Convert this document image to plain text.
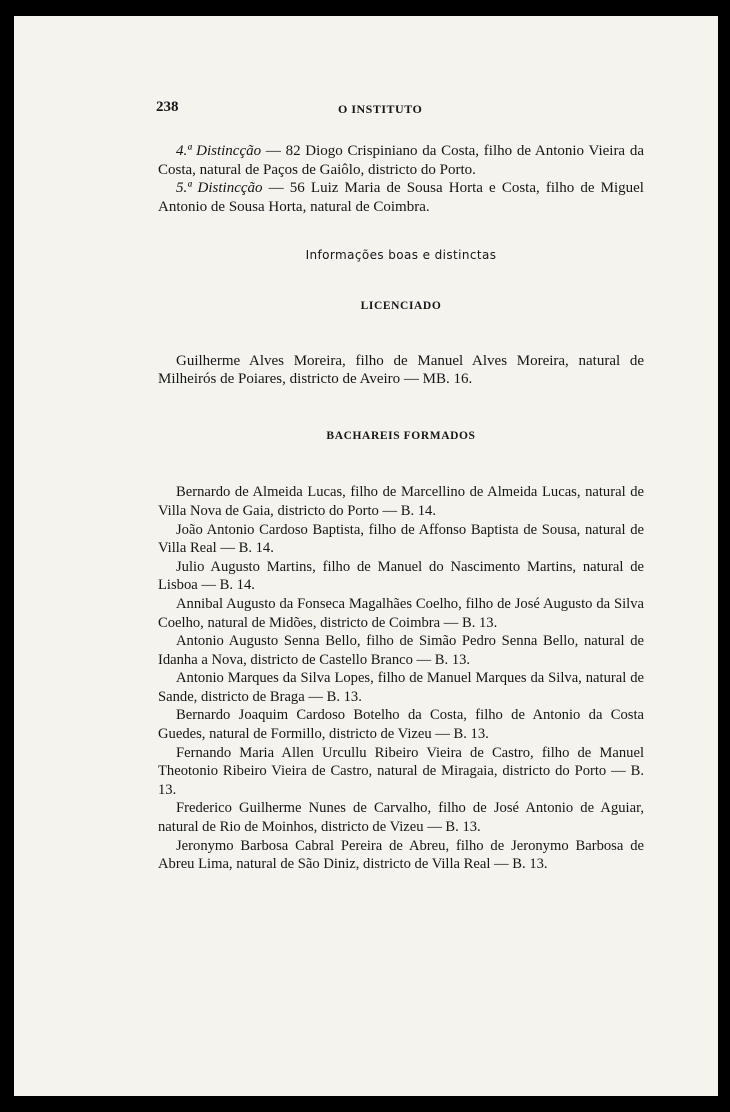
238	O INSTITUTO

4.ª Distincção — 82 Diogo Crispiniano da Costa, filho de Antonio Vieira da Costa, natural de Paços de Gaiôlo, districto do Porto.

5.ª Distincção — 56 Luiz Maria de Sousa Horta e Costa, filho de Miguel Antonio de Sousa Horta, natural de Coimbra.

Informações boas e distinctas

LICENCIADO

Guilherme Alves Moreira, filho de Manuel Alves Moreira, natural de Milheirós de Poiares, districto de Aveiro — MB. 16.

BACHAREIS FORMADOS

Bernardo de Almeida Lucas, filho de Marcellino de Almeida Lucas, natural de Villa Nova de Gaia, districto do Porto — B. 14.

João Antonio Cardoso Baptista, filho de Affonso Baptista de Sousa, natural de Villa Real — B. 14.

Julio Augusto Martins, filho de Manuel do Nascimento Martins, natural de Lisboa — B. 14.

Annibal Augusto da Fonseca Magalhães Coelho, filho de José Augusto da Silva Coelho, natural de Midões, districto de Coimbra — B. 13.

Antonio Augusto Senna Bello, filho de Simão Pedro Senna Bello, natural de Idanha a Nova, districto de Castello Branco — B. 13.

Antonio Marques da Silva Lopes, filho de Manuel Marques da Silva, natural de Sande, districto de Braga — B. 13.

Bernardo Joaquim Cardoso Botelho da Costa, filho de Antonio da Costa Guedes, natural de Formillo, districto de Vizeu — B. 13.

Fernando Maria Allen Urcullu Ribeiro Vieira de Castro, filho de Manuel Theotonio Ribeiro Vieira de Castro, natural de Miragaia, districto do Porto — B. 13.

Frederico Guilherme Nunes de Carvalho, filho de José Antonio de Aguiar, natural de Rio de Moinhos, districto de Vizeu — B. 13.

Jeronymo Barbosa Cabral Pereira de Abreu, filho de Jeronymo Barbosa de Abreu Lima, natural de São Diniz, districto de Villa Real — B. 13.
